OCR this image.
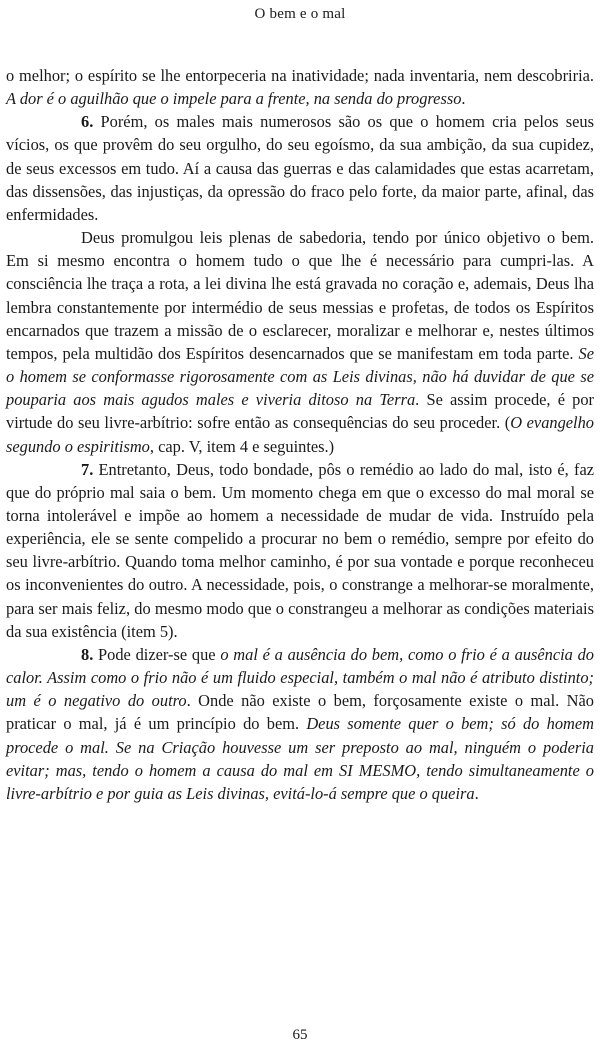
O bem e o mal

o melhor; o espírito se lhe entorpeceria na inatividade; nada inventaria, nem descobriria. A dor é o aguilhão que o impele para a frente, na senda do progresso.

6. Porém, os males mais numerosos são os que o homem cria pelos seus vícios, os que provêm do seu orgulho, do seu egoísmo, da sua ambição, da sua cupidez, de seus excessos em tudo. Aí a causa das guerras e das calamidades que estas acarretam, das dissensões, das injustiças, da opressão do fraco pelo forte, da maior parte, afinal, das enfermidades.

Deus promulgou leis plenas de sabedoria, tendo por único objetivo o bem. Em si mesmo encontra o homem tudo o que lhe é necessário para cumpri-las. A consciência lhe traça a rota, a lei divina lhe está gravada no coração e, ademais, Deus lha lembra constantemente por intermédio de seus messias e profetas, de todos os Espíritos encarnados que trazem a missão de o esclarecer, moralizar e melhorar e, nestes últimos tempos, pela multidão dos Espíritos desencarnados que se manifestam em toda parte. Se o homem se conformasse rigorosamente com as Leis divinas, não há duvidar de que se pouparia aos mais agudos males e viveria ditoso na Terra. Se assim procede, é por virtude do seu livre-arbítrio: sofre então as consequências do seu proceder. (O evangelho segundo o espiritismo, cap. V, item 4 e seguintes.)

7. Entretanto, Deus, todo bondade, pôs o remédio ao lado do mal, isto é, faz que do próprio mal saia o bem. Um momento chega em que o excesso do mal moral se torna intolerável e impõe ao homem a necessidade de mudar de vida. Instruído pela experiência, ele se sente compelido a procurar no bem o remédio, sempre por efeito do seu livre-arbítrio. Quando toma melhor caminho, é por sua vontade e porque reconheceu os inconvenientes do outro. A necessidade, pois, o constrange a melhorar-se moralmente, para ser mais feliz, do mesmo modo que o constrangeu a melhorar as condições materiais da sua existência (item 5).

8. Pode dizer-se que o mal é a ausência do bem, como o frio é a ausência do calor. Assim como o frio não é um fluido especial, também o mal não é atributo distinto; um é o negativo do outro. Onde não existe o bem, forçosamente existe o mal. Não praticar o mal, já é um princípio do bem. Deus somente quer o bem; só do homem procede o mal. Se na Criação houvesse um ser preposto ao mal, ninguém o poderia evitar; mas, tendo o homem a causa do mal em SI MESMO, tendo simultaneamente o livre-arbítrio e por guia as Leis divinas, evitá-lo-á sempre que o queira.

65
